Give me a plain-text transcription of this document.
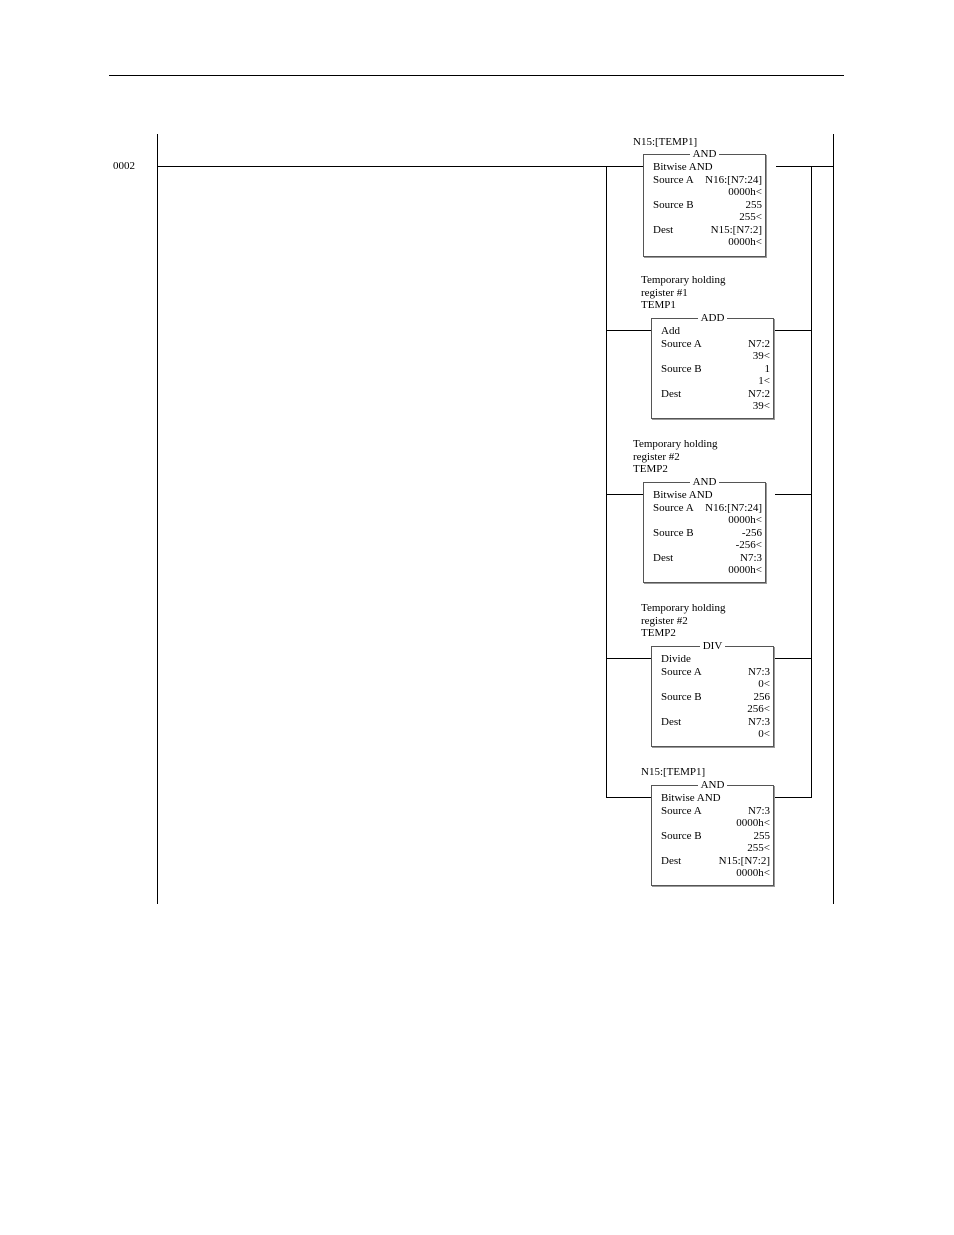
0002
N15:[TEMP1]
AND
Bitwise AND
Source A N16:[N7:24]
0000h<
Source B	255
255<
Dest	N15:[N7:2]
0000h<
Temporary holding
register #1
TEMP1
ADD
Add
Source A	N7:2
39<
Source B	1
1<
Dest	N7:2
39<
Temporary holding
register #2
TEMP2
AND
Bitwise AND
Source A N16:[N7:24]
0000h<
Source B	-256
-256<
Dest	N7:3
0000h<
Temporary holding
register #2
TEMP2
DIV
Divide
Source A	N7:3
0<
Source B	256
256<
Dest	N7:3
0<
N15:[TEMP1]
AND
Bitwise AND
Source A	N7:3
0000h<
Source B	255
255<
Dest	N15:[N7:2]
0000h<
